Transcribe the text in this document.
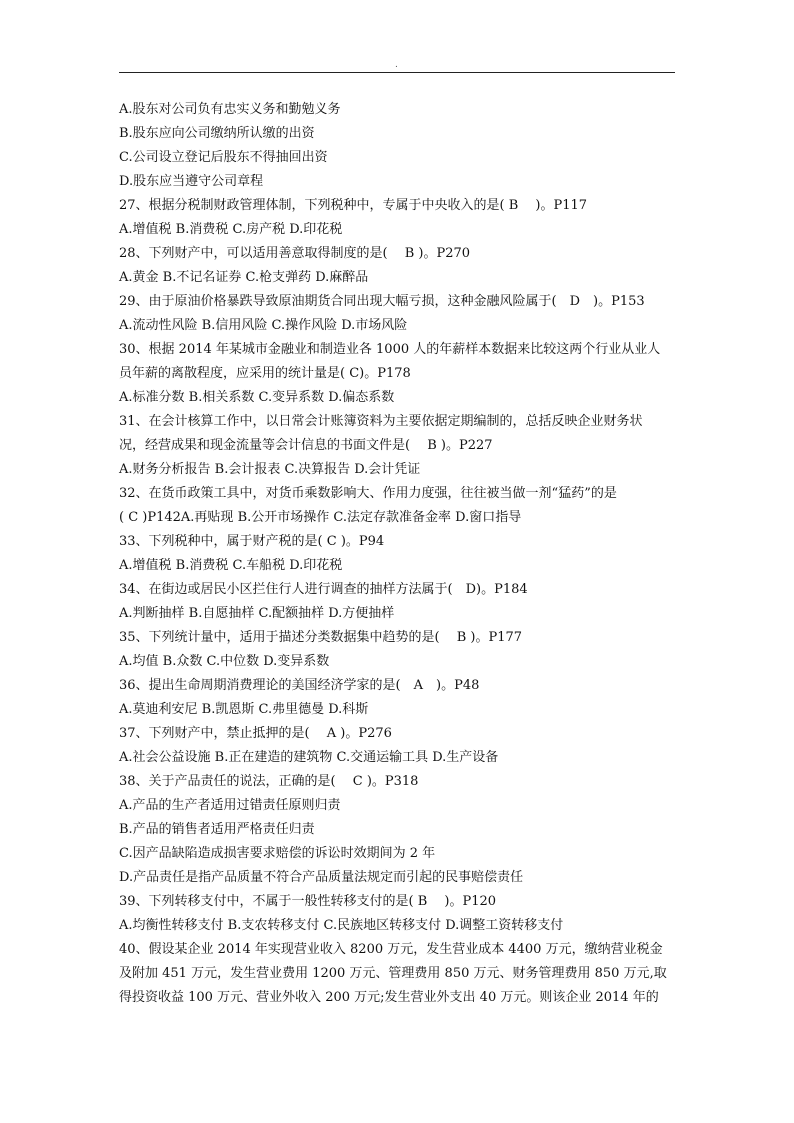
.
A.股东对公司负有忠实义务和勤勉义务
B.股东应向公司缴纳所认缴的出资
C.公司设立登记后股东不得抽回出资
D.股东应当遵守公司章程
27、根据分税制财政管理体制，下列税种中，专属于中央收入的是( B　 )。P117
A.增值税 B.消费税 C.房产税 D.印花税
28、下列财产中，可以适用善意取得制度的是(　 B )。P270
A.黄金 B.不记名证券 C.枪支弹药 D.麻醉品
29、由于原油价格暴跌导致原油期货合同出现大幅亏损，这种金融风险属于(　D　)。P153
A.流动性风险 B.信用风险 C.操作风险 D.市场风险
30、根据 2014 年某城市金融业和制造业各 1000 人的年薪样本数据来比较这两个行业从业人
员年薪的离散程度，应采用的统计量是( C)。P178
A.标准分数 B.相关系数 C.变异系数 D.偏态系数
31、在会计核算工作中，以日常会计账簿资料为主要依据定期编制的，总括反映企业财务状
况，经营成果和现金流量等会计信息的书面文件是(　 B )。P227
A.财务分析报告 B.会计报表 C.决算报告 D.会计凭证
32、在货币政策工具中，对货币乘数影响大、作用力度强，往往被当做一剂“猛药”的是
( C )P142A.再贴现 B.公开市场操作 C.法定存款准备金率 D.窗口指导
33、下列税种中，属于财产税的是( C )。P94
A.增值税 B.消费税 C.车船税 D.印花税
34、在街边或居民小区拦住行人进行调查的抽样方法属于(　D)。P184
A.判断抽样 B.自愿抽样 C.配额抽样 D.方便抽样
35、下列统计量中，适用于描述分类数据集中趋势的是(　 B )。P177
A.均值 B.众数 C.中位数 D.变异系数
36、提出生命周期消费理论的美国经济学家的是(　A　)。P48
A.莫迪利安尼 B.凯恩斯 C.弗里德曼 D.科斯
37、下列财产中，禁止抵押的是(　 A )。P276
A.社会公益设施 B.正在建造的建筑物 C.交通运输工具 D.生产设备
38、关于产品责任的说法，正确的是(　 C )。P318
A.产品的生产者适用过错责任原则归责
B.产品的销售者适用严格责任归责
C.因产品缺陷造成损害要求赔偿的诉讼时效期间为 2 年
D.产品责任是指产品质量不符合产品质量法规定而引起的民事赔偿责任
39、下列转移支付中，不属于一般性转移支付的是( B　 )。P120
A.均衡性转移支付 B.支农转移支付 C.民族地区转移支付 D.调整工资转移支付
40、假设某企业 2014 年实现营业收入 8200 万元，发生营业成本 4400 万元，缴纳营业税金
及附加 451 万元，发生营业费用 1200 万元、管理费用 850 万元、财务管理费用 850 万元,取
得投资收益 100 万元、营业外收入 200 万元;发生营业外支出 40 万元。则该企业 2014 年的
